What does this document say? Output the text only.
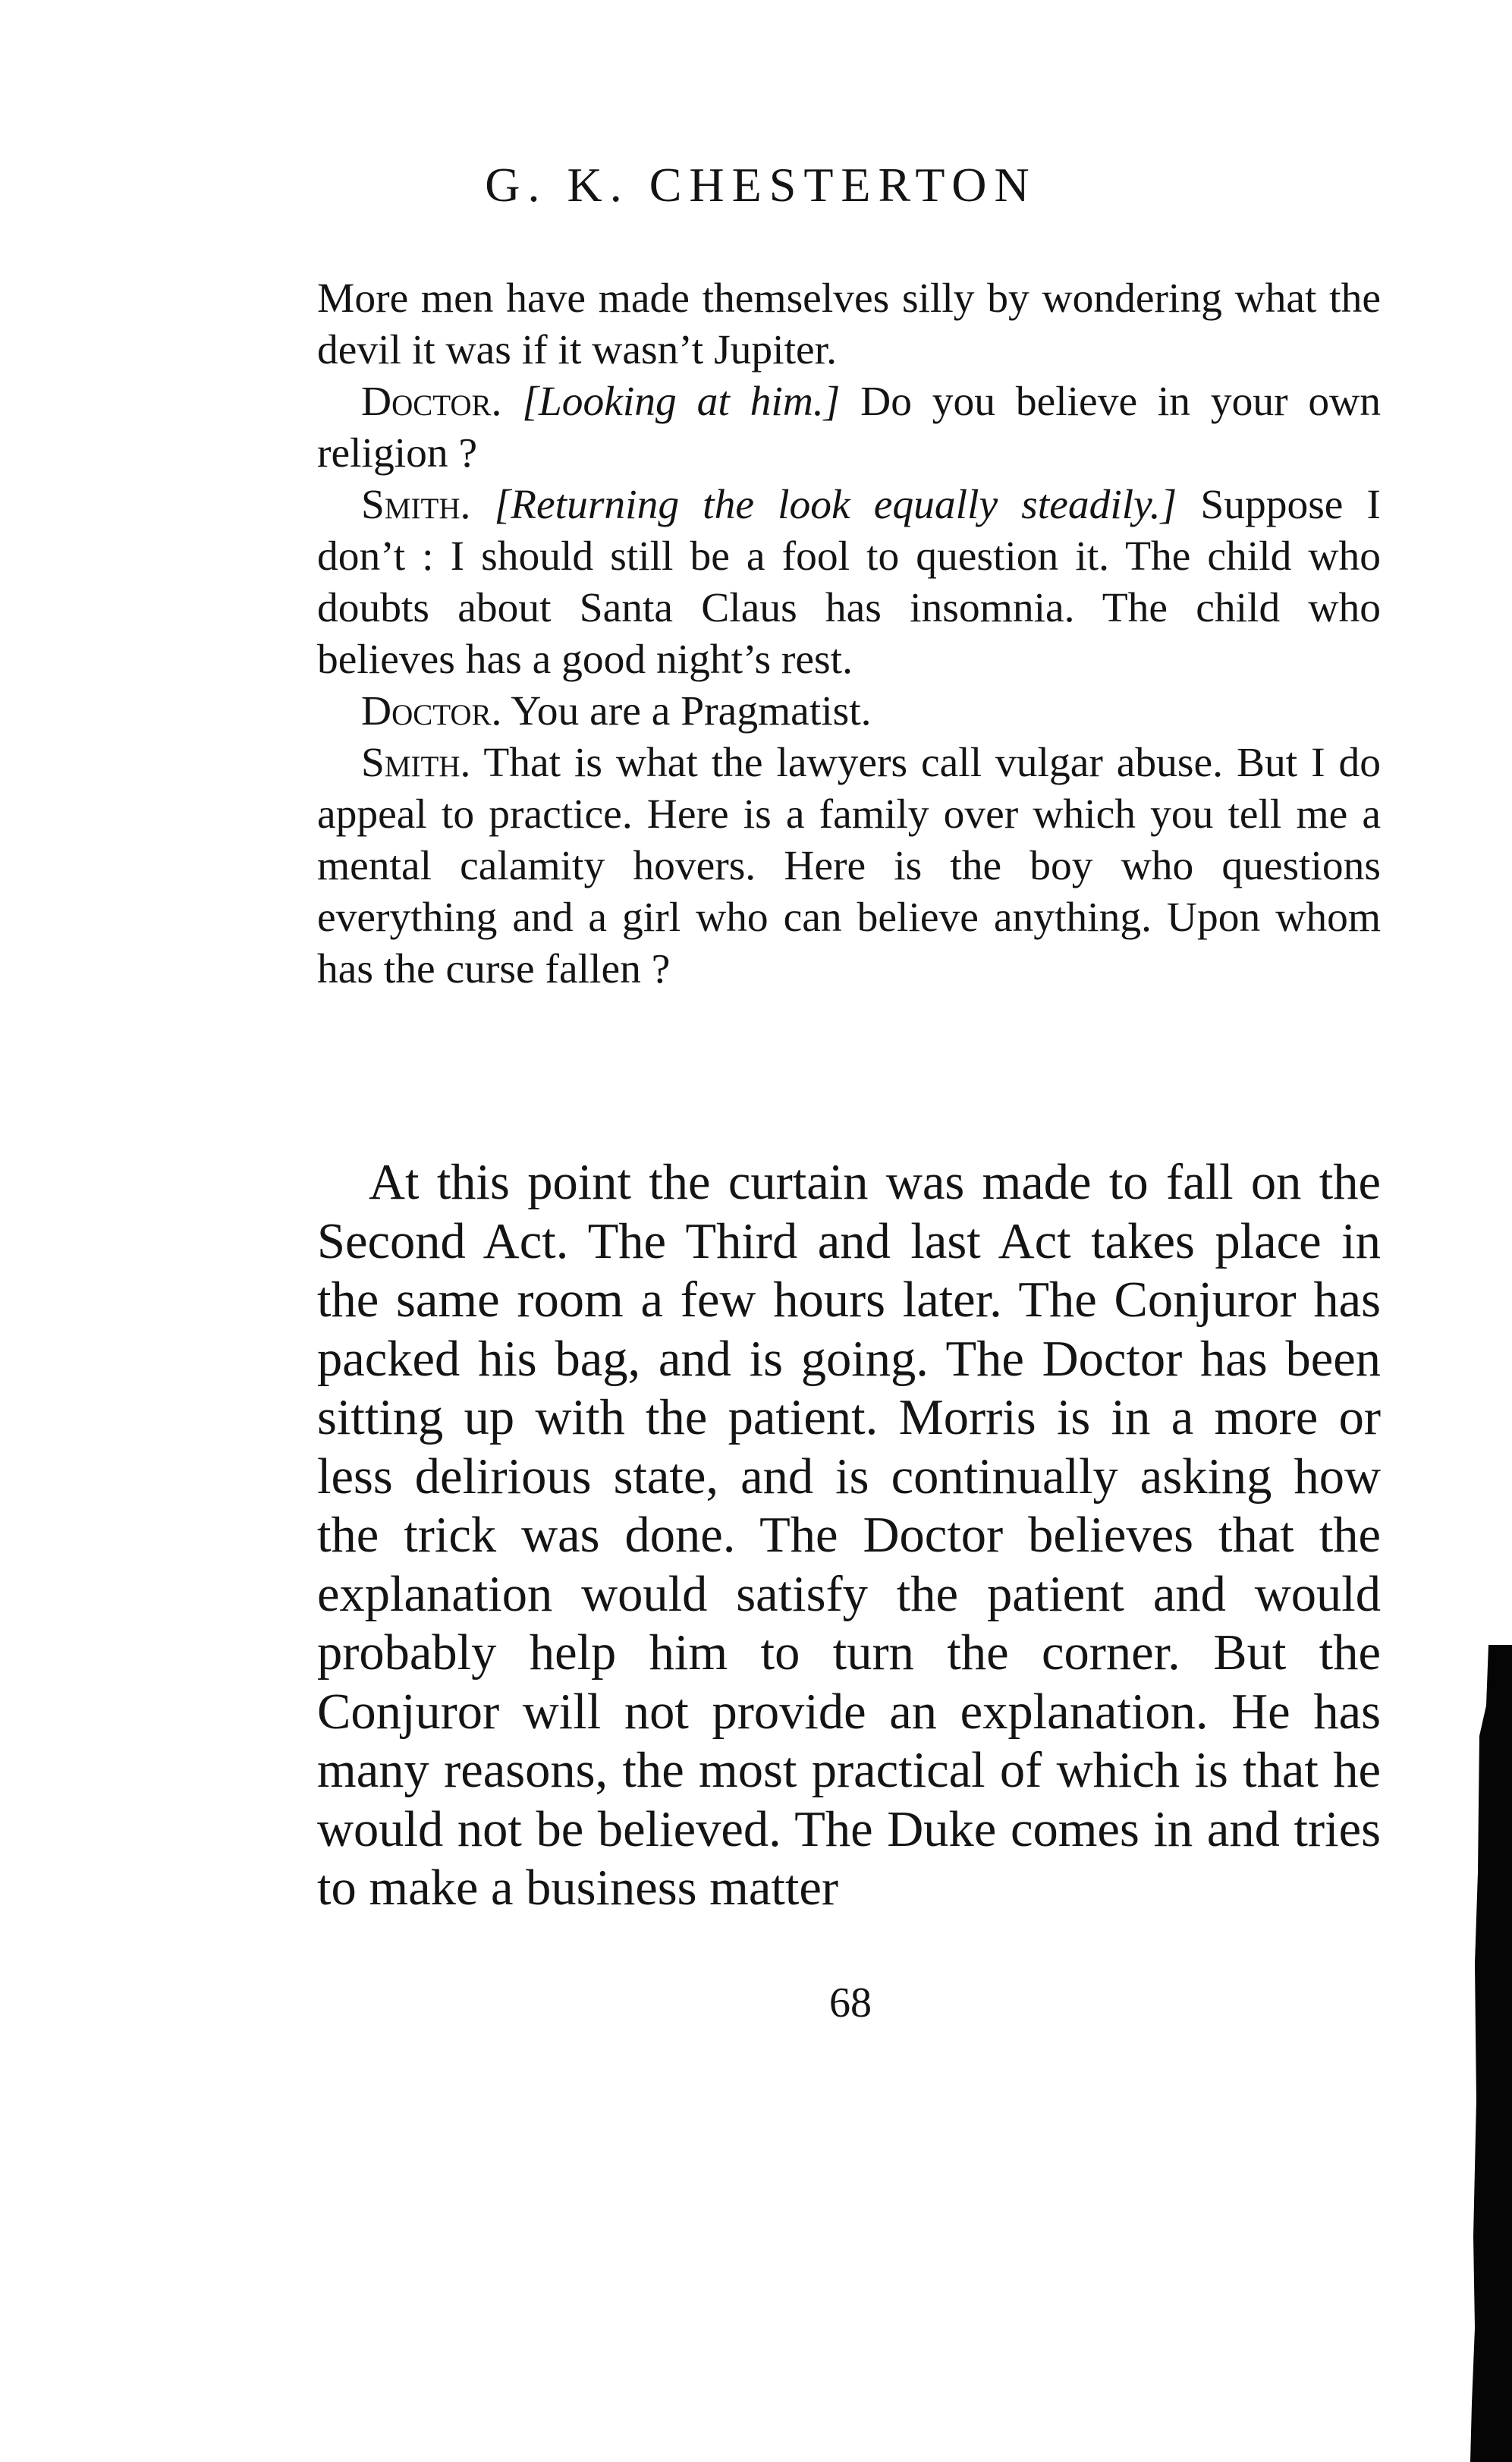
G. K. CHESTERTON

More men have made themselves silly by wondering what the devil it was if it wasn’t Jupiter.

Doctor. [Looking at him.] Do you believe in your own religion ?

Smith. [Returning the look equally steadily.] Suppose I don’t : I should still be a fool to question it. The child who doubts about Santa Claus has insomnia. The child who believes has a good night’s rest.

Doctor. You are a Pragmatist.

Smith. That is what the lawyers call vulgar abuse. But I do appeal to practice. Here is a family over which you tell me a mental calamity hovers. Here is the boy who questions everything and a girl who can believe anything. Upon whom has the curse fallen ?

At this point the curtain was made to fall on the Second Act. The Third and last Act takes place in the same room a few hours later. The Conjuror has packed his bag, and is going. The Doctor has been sitting up with the patient. Morris is in a more or less delirious state, and is continually asking how the trick was done. The Doctor believes that the explanation would satisfy the patient and would probably help him to turn the corner. But the Conjuror will not provide an explanation. He has many reasons, the most practical of which is that he would not be believed. The Duke comes in and tries to make a business matter

68
